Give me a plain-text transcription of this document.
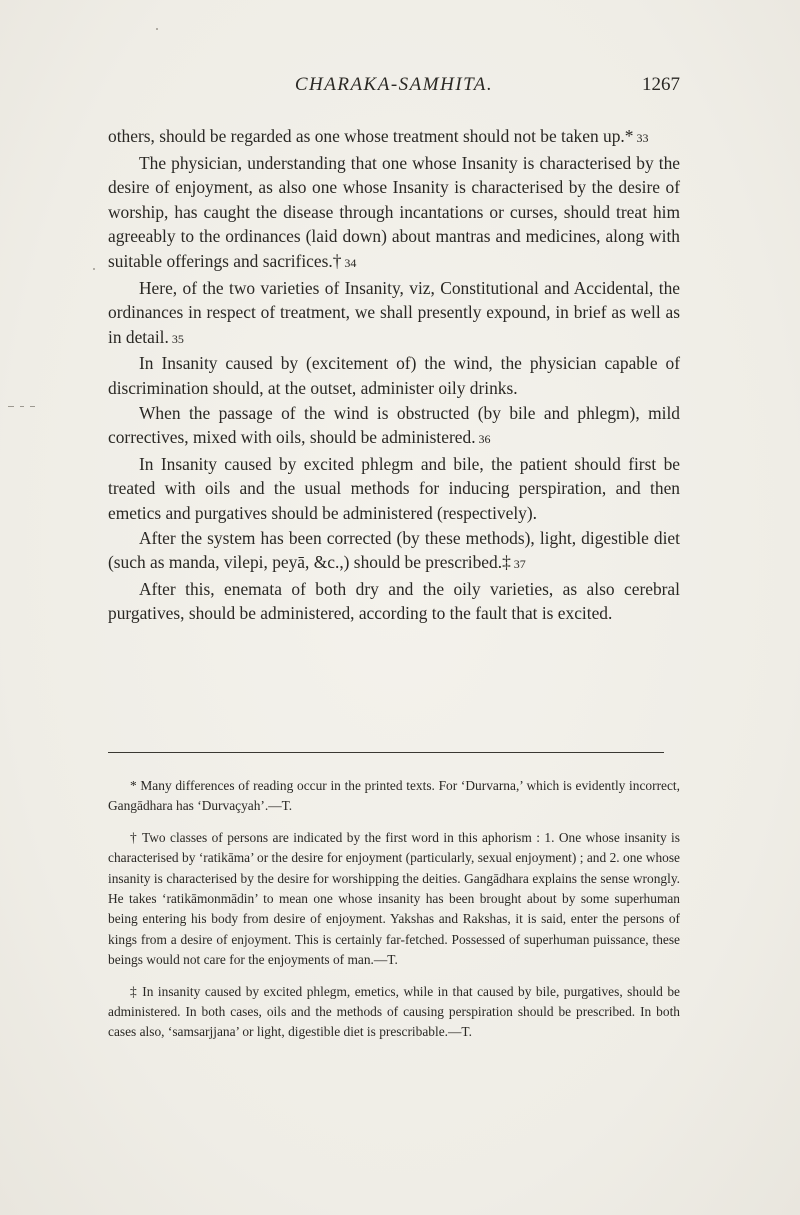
CHARAKA-SAMHITA.	1267

others, should be regarded as one whose treatment should not be taken up.* 33

The physician, understanding that one whose Insanity is characterised by the desire of enjoyment, as also one whose Insanity is characterised by the desire of worship, has caught the disease through incantations or curses, should treat him agreeably to the ordinances (laid down) about mantras and medicines, along with suitable offerings and sacrifices.† 34

Here, of the two varieties of Insanity, viz, Constitutional and Accidental, the ordinances in respect of treatment, we shall presently expound, in brief as well as in detail. 35

In Insanity caused by (excitement of) the wind, the physician capable of discrimination should, at the outset, administer oily drinks.

When the passage of the wind is obstructed (by bile and phlegm), mild correctives, mixed with oils, should be administered. 36

In Insanity caused by excited phlegm and bile, the patient should first be treated with oils and the usual methods for inducing perspiration, and then emetics and purgatives should be administered (respectively).

After the system has been corrected (by these methods), light, digestible diet (such as manda, vilepi, peyā, &c.,) should be prescribed.‡ 37

After this, enemata of both dry and the oily varieties, as also cerebral purgatives, should be administered, according to the fault that is excited.

* Many differences of reading occur in the printed texts. For ‘Durvarna,’ which is evidently incorrect, Gangādhara has ‘Durvaçyah’.—T.

† Two classes of persons are indicated by the first word in this aphorism : 1. One whose insanity is characterised by ‘ratikāma’ or the desire for enjoyment (particularly, sexual enjoyment) ; and 2. one whose insanity is characterised by the desire for worshipping the deities. Gangādhara explains the sense wrongly. He takes ‘ratikāmonmādin’ to mean one whose insanity has been brought about by some superhuman being entering his body from desire of enjoyment. Yakshas and Rakshas, it is said, enter the persons of kings from a desire of enjoyment. This is certainly far-fetched. Possessed of superhuman puissance, these beings would not care for the enjoyments of man.—T.

‡ In insanity caused by excited phlegm, emetics, while in that caused by bile, purgatives, should be administered. In both cases, oils and the methods of causing perspiration should be prescribed. In both cases also, ‘samsarjjana’ or light, digestible diet is prescribable.—T.
